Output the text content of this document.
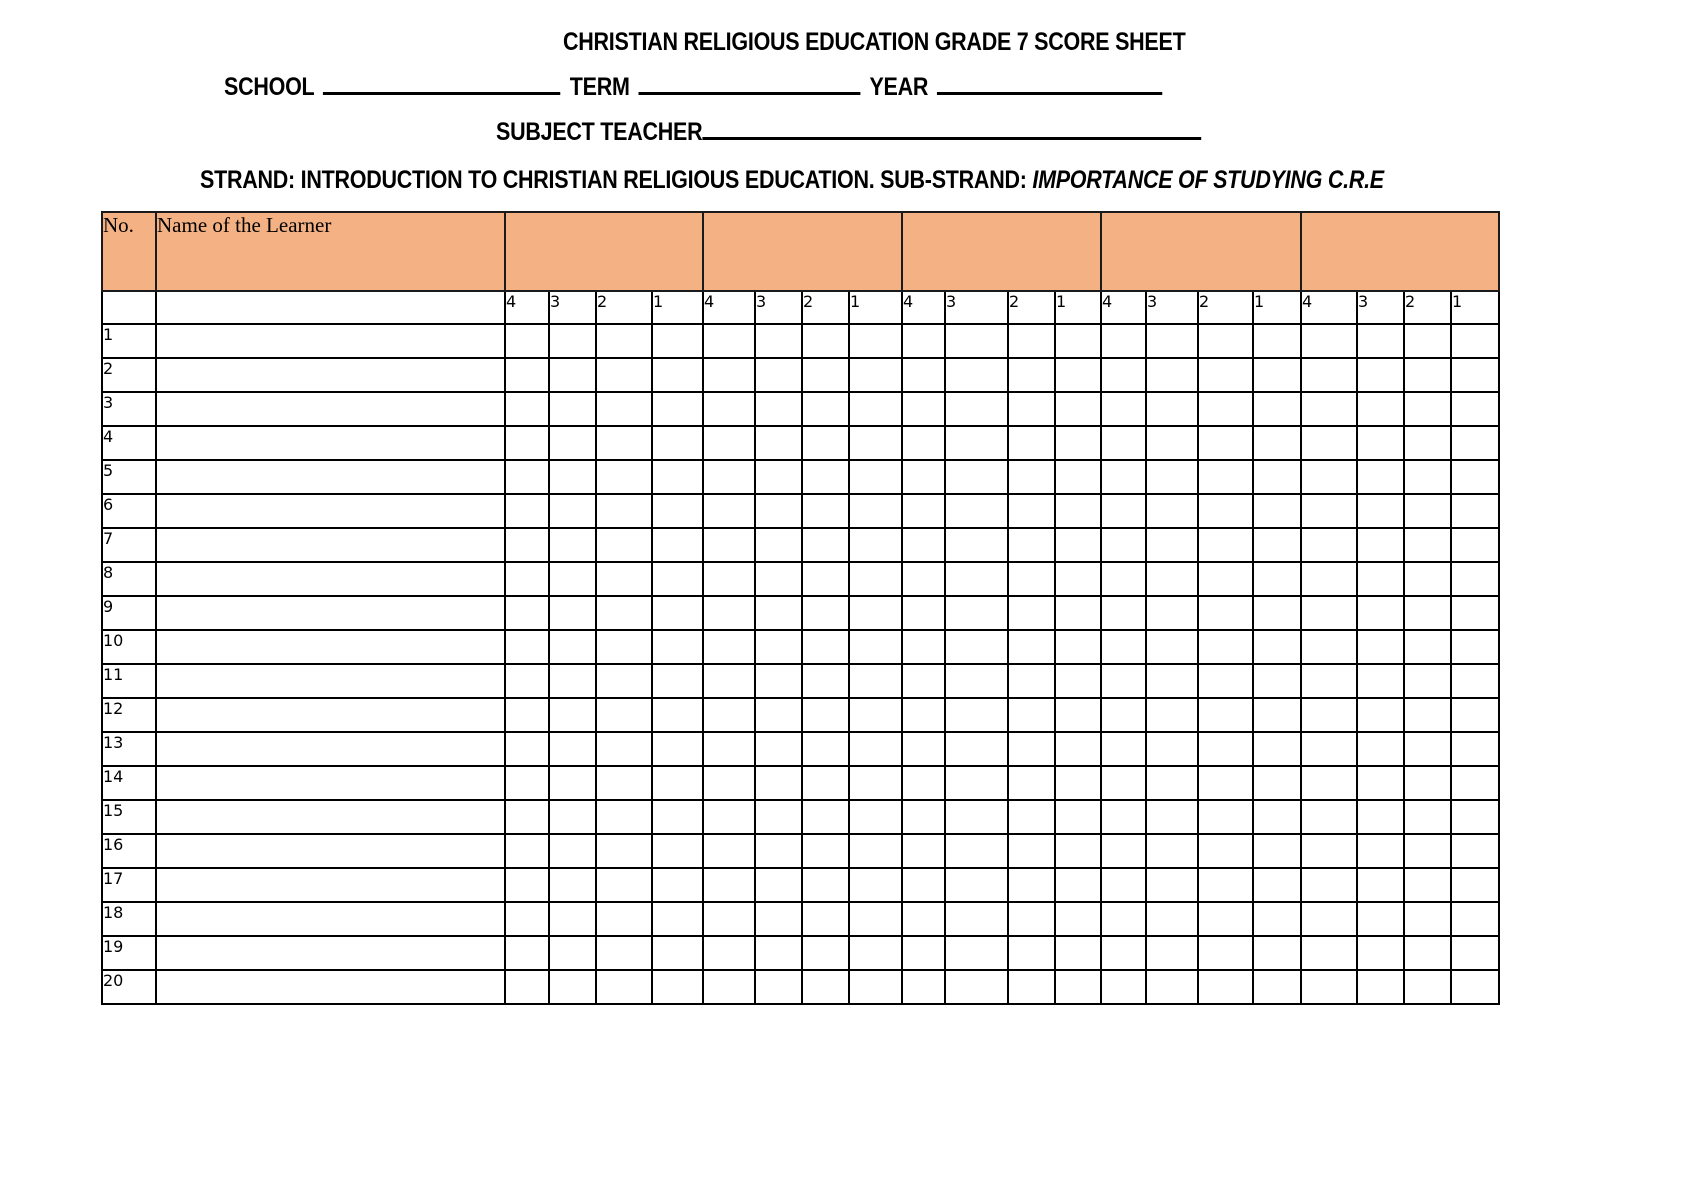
CHRISTIAN RELIGIOUS EDUCATION GRADE 7 SCORE SHEET
SCHOOL	TERM	YEAR
SUBJECT TEACHER
STRAND: INTRODUCTION TO CHRISTIAN RELIGIOUS EDUCATION. SUB-STRAND: IMPORTANCE OF STUDYING C.R.E
No.	Name of the Learner																				
		4	3	2	1	4	3	2	1	4	3	2	1	4	3	2	1	4	3	2	1
1																					
2																					
3																					
4																					
5																					
6																					
7																					
8																					
9																					
10																					
11																					
12																					
13																					
14																					
15																					
16																					
17																					
18																					
19																					
20																					
